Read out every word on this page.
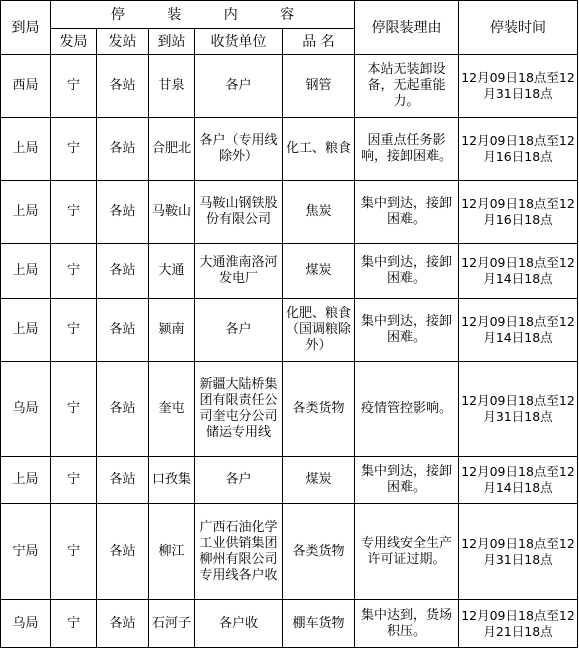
到局	停 装 内 容					停限装理由	停装时间
	发局	发站	到站	收货单位	品 名		
西局	宁	各站	甘泉	各户	钢管	本站无装卸设备，无起重能力。	12月09日18点至12月31日18点
上局	宁	各站	合肥北	各户（专用线除外）	化工、粮食	因重点任务影响，接卸困难。	12月09日18点至12月16日18点
上局	宁	各站	马鞍山	马鞍山钢铁股份有限公司	焦炭	集中到达，接卸困难。	12月09日18点至12月16日18点
上局	宁	各站	大通	大通淮南洛河发电厂	煤炭	集中到达，接卸困难。	12月09日18点至12月14日18点
上局	宁	各站	颍南	各户	化肥、粮食（国调粮除外）	集中到达，接卸困难。	12月09日18点至12月14日18点
乌局	宁	各站	奎屯	新疆大陆桥集团有限责任公司奎屯分公司储运专用线	各类货物	疫情管控影响。	12月09日18点至12月31日18点
上局	宁	各站	口孜集	各户	煤炭	集中到达，接卸困难。	12月09日18点至12月14日18点
宁局	宁	各站	柳江	广西石油化学工业供销集团柳州有限公司专用线各户收	各类货物	专用线安全生产许可证过期。	12月09日18点至12月31日18点
乌局	宁	各站	石河子	各户收	棚车货物	集中达到，货场积压。	12月09日18点至12月21日18点
